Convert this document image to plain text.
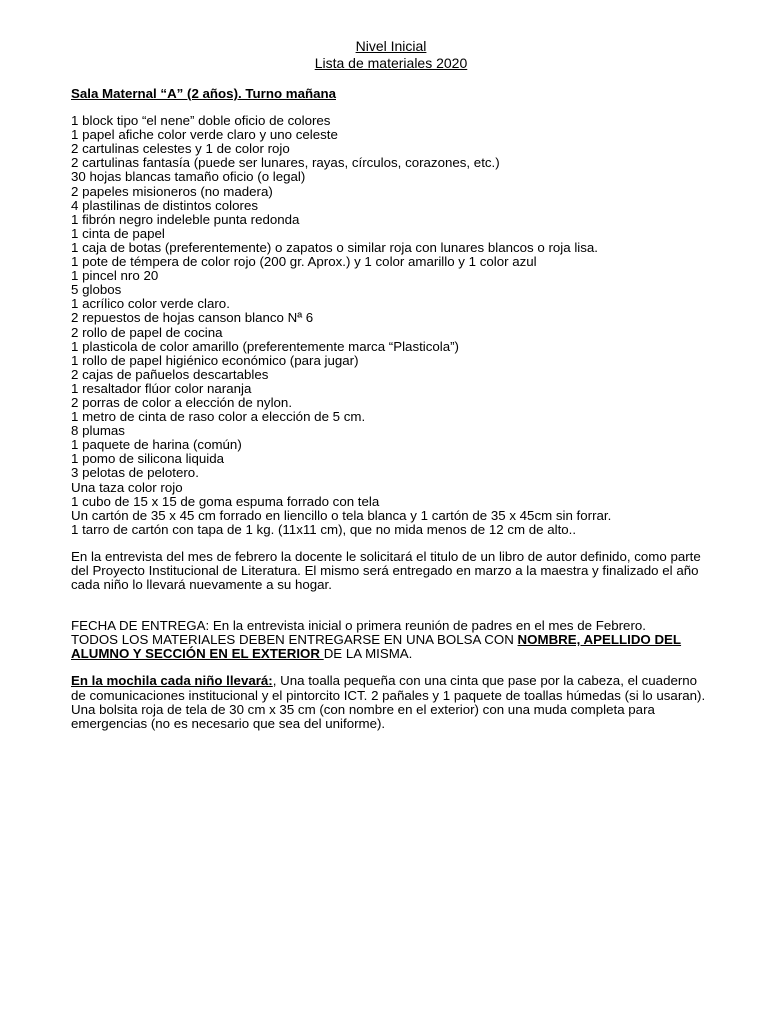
Nivel Inicial
Lista de materiales 2020
Sala Maternal “A” (2 años). Turno mañana
1 block tipo “el nene” doble oficio de colores
1 papel afiche color verde claro y uno celeste
2 cartulinas celestes y 1 de color rojo
2 cartulinas fantasía (puede ser lunares, rayas, círculos, corazones, etc.)
30 hojas blancas tamaño oficio (o legal)
2 papeles misioneros (no madera)
4 plastilinas de distintos colores
1 fibrón negro indeleble punta redonda
1 cinta de papel
1 caja de botas (preferentemente) o zapatos o similar roja con lunares blancos o roja lisa.
1 pote de témpera de color rojo (200 gr. Aprox.) y 1 color amarillo y 1 color azul
1 pincel nro 20
5 globos
1 acrílico color verde claro.
2 repuestos de hojas canson blanco Nª 6
2 rollo de papel de cocina
1 plasticola de color amarillo (preferentemente marca “Plasticola”)
1 rollo de papel higiénico económico (para jugar)
2 cajas de pañuelos descartables
1 resaltador flúor color naranja
2 porras de color a elección de nylon.
1 metro de cinta de raso color a elección de 5 cm.
8 plumas
1 paquete de harina (común)
1 pomo de silicona liquida
3 pelotas de pelotero.
Una taza color rojo
1 cubo de 15 x 15 de goma espuma forrado con tela
Un cartón de 35 x 45 cm forrado en liencillo o tela blanca y 1 cartón de 35 x 45cm sin forrar.
1 tarro de cartón con tapa de 1 kg. (11x11 cm), que no mida menos de 12 cm de alto..
En la entrevista del mes de febrero la docente le solicitará el titulo de un libro de autor definido, como parte del Proyecto Institucional de Literatura. El mismo será entregado en marzo a la maestra y finalizado el año cada niño lo llevará nuevamente a su hogar.
FECHA DE ENTREGA: En la entrevista inicial o primera reunión de padres en el mes de Febrero.
TODOS LOS MATERIALES DEBEN ENTREGARSE EN UNA BOLSA CON NOMBRE, APELLIDO DEL ALUMNO Y SECCIÓN EN EL EXTERIOR DE LA MISMA.
En la mochila cada niño llevará:, Una toalla pequeña con una cinta que pase por la cabeza, el cuaderno de comunicaciones institucional y el pintorcito ICT. 2 pañales y 1 paquete de toallas húmedas (si lo usaran). Una bolsita roja de tela de 30 cm x 35 cm (con nombre en el exterior) con una muda completa para emergencias (no es necesario que sea del uniforme).
